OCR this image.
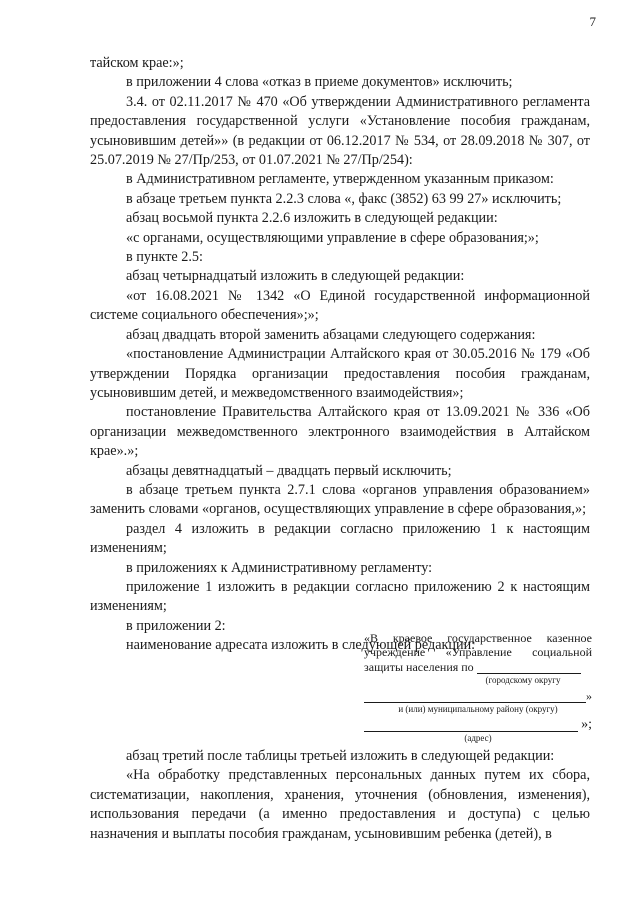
7

тайском крае:»;

в приложении 4 слова «отказ в приеме документов» исключить;

3.4. от 02.11.2017 № 470 «Об утверждении Административного регламента предоставления государственной услуги «Установление пособия гражданам, усыновившим детей»» (в редакции от 06.12.2017 № 534, от 28.09.2018 № 307, от 25.07.2019 № 27/Пр/253, от 01.07.2021 № 27/Пр/254):

в Административном регламенте, утвержденном указанным приказом:

в абзаце третьем пункта 2.2.3 слова «, факс (3852) 63 99 27» исключить;

абзац восьмой пункта 2.2.6 изложить в следующей редакции:

«с органами, осуществляющими управление в сфере образования;»;

в пункте 2.5:

абзац четырнадцатый изложить в следующей редакции:

«от 16.08.2021 № 1342 «О Единой государственной информационной системе социального обеспечения»;»;

абзац двадцать второй заменить абзацами следующего содержания:

«постановление Администрации Алтайского края от 30.05.2016 № 179 «Об утверждении Порядка организации предоставления пособия гражданам, усыновившим детей, и межведомственного взаимодействия»;

постановление Правительства Алтайского края от 13.09.2021 № 336 «Об организации межведомственного электронного взаимодействия в Алтайском крае».»;

абзацы девятнадцатый – двадцать первый исключить;

в абзаце третьем пункта 2.7.1 слова «органов управления образованием» заменить словами «органов, осуществляющих управление в сфере образования,»;

раздел 4 изложить в редакции согласно приложению 1 к настоящим изменениям;

в приложениях к Административному регламенту:

приложение 1 изложить в редакции согласно приложению 2 к настоящим изменениям;

в приложении 2:

наименование адресата изложить в следующей редакции:

«В краевое государственное казенное учреждение «Управление социальной защиты населения по

(городскому округу
»
и (или) муниципальному району (округу)
»;
(адрес)

абзац третий после таблицы третьей изложить в следующей редакции:

«На обработку представленных персональных данных путем их сбора, систематизации, накопления, хранения, уточнения (обновления, изменения), использования передачи (а именно предоставления и доступа) с целью назначения и выплаты пособия гражданам, усыновившим ребенка (детей), в
